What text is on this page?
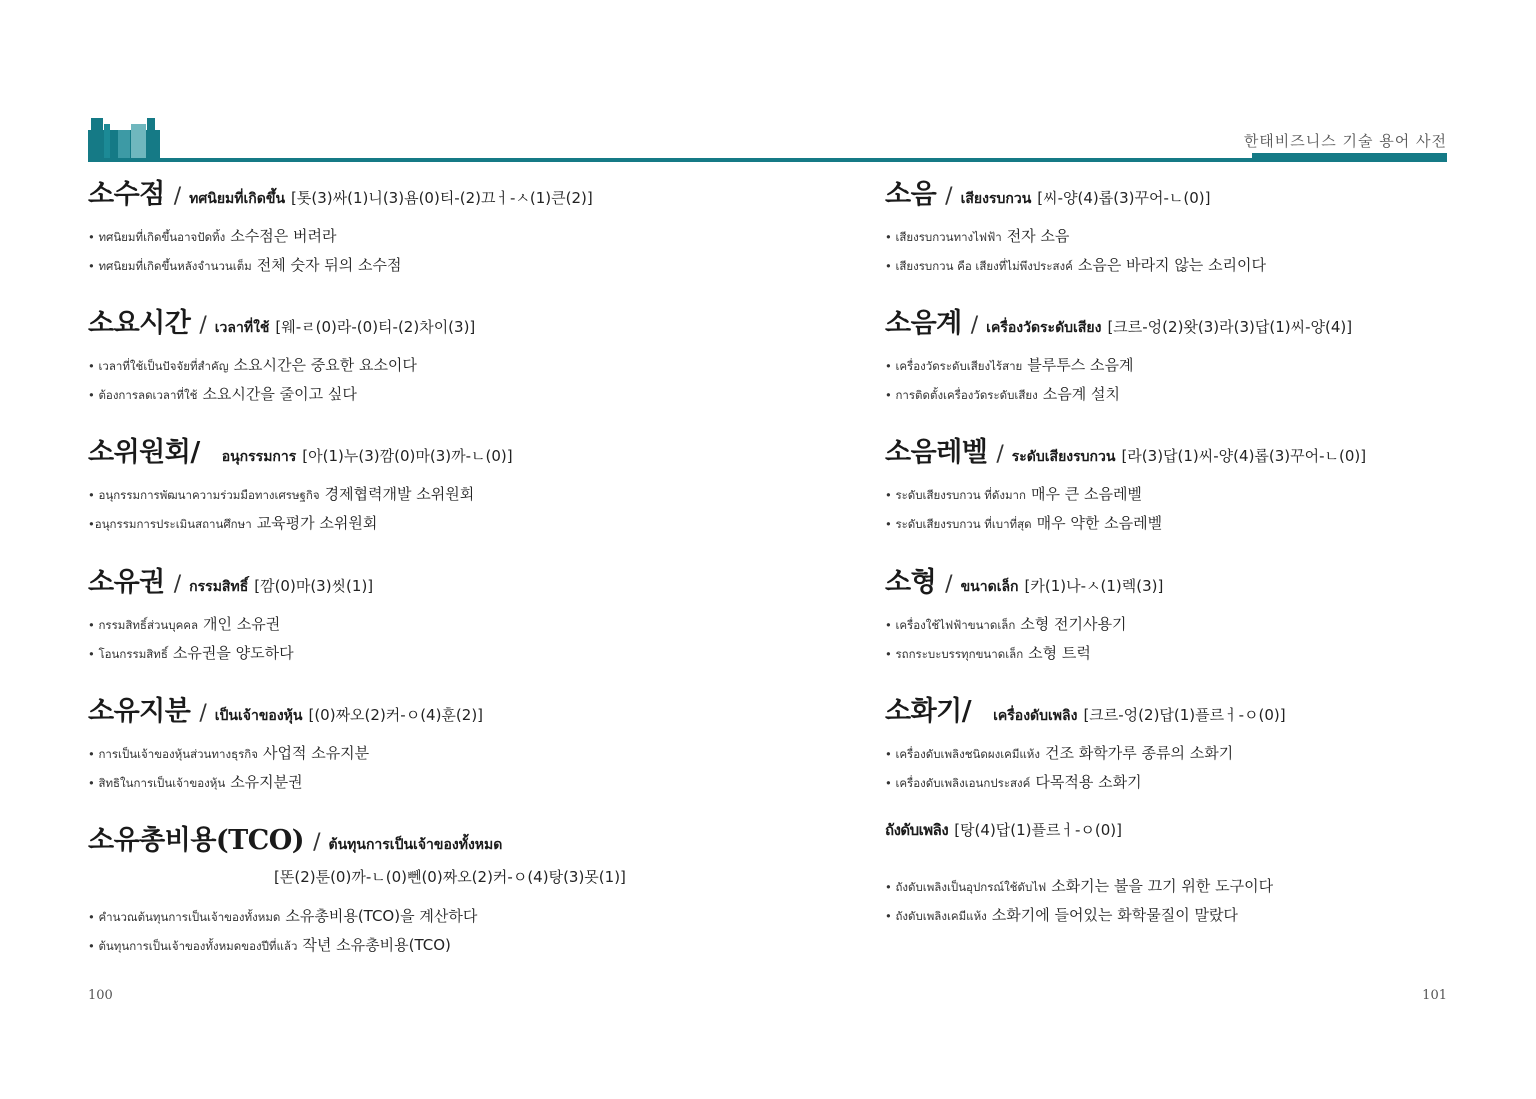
한태비즈니스 기술 용어 사전
소수점 / ทศนิยมที่เกิดขึ้น [톳(3)싸(1)니(3)욤(0)티-(2)끄ㅓ-ㅅ(1)큰(2)]
• ทศนิยมที่เกิดขึ้นอาจปัดทิ้ง 소수점은 버려라
• ทศนิยมที่เกิดขึ้นหลังจำนวนเต็ม 전체 숫자 뒤의 소수점
소요시간 / เวลาที่ใช้ [웨-ㄹ(0)라-(0)티-(2)차이(3)]
• เวลาที่ใช้เป็นปัจจัยที่สำคัญ 소요시간은 중요한 요소이다
• ต้องการลดเวลาที่ใช้ 소요시간을 줄이고 싶다
소위원회/ อนุกรรมการ [아(1)누(3)깜(0)마(3)까-ㄴ(0)]
• อนุกรรมการพัฒนาความร่วมมือทางเศรษฐกิจ 경제협력개발 소위원회
•อนุกรรมการประเมินสถานศึกษา 교육평가 소위원회
소유권 / กรรมสิทธิ์ [깜(0)마(3)씻(1)]
• กรรมสิทธิ์ส่วนบุคคล 개인 소유권
• โอนกรรมสิทธิ์ 소유권을 양도하다
소유지분 / เป็นเจ้าของหุ้น [(0)짜오(2)커-ㅇ(4)훈(2)]
• การเป็นเจ้าของหุ้นส่วนทางธุรกิจ 사업적 소유지분
• สิทธิในการเป็นเจ้าของหุ้น 소유지분권
소유총비용(TCO) / ต้นทุนการเป็นเจ้าของทั้งหมด
[똔(2)툰(0)까-ㄴ(0)뻰(0)짜오(2)커-ㅇ(4)탕(3)못(1)]
• คำนวณต้นทุนการเป็นเจ้าของทั้งหมด 소유총비용(TCO)을 계산하다
• ต้นทุนการเป็นเจ้าของทั้งหมดของปีที่แล้ว 작년 소유총비용(TCO)
소음 / เสียงรบกวน [씨-양(4)롭(3)꾸어-ㄴ(0)]
• เสียงรบกวนทางไฟฟ้า 전자 소음
• เสียงรบกวน คือ เสียงที่ไม่พึงประสงค์ 소음은 바라지 않는 소리이다
소음계 / เครื่องวัดระดับเสียง [크르-엉(2)왓(3)라(3)답(1)씨-양(4)]
• เครื่องวัดระดับเสียงไร้สาย 블루투스 소음계
• การติดตั้งเครื่องวัดระดับเสียง 소음계 설치
소음레벨 / ระดับเสียงรบกวน [라(3)답(1)씨-양(4)롭(3)꾸어-ㄴ(0)]
• ระดับเสียงรบกวน ที่ดังมาก 매우 큰 소음레벨
• ระดับเสียงรบกวน ที่เบาที่สุด 매우 약한 소음레벨
소형 / ขนาดเล็ก [카(1)나-ㅅ(1)렉(3)]
• เครื่องใช้ไฟฟ้าขนาดเล็ก 소형 전기사용기
• รถกระบะบรรทุกขนาดเล็ก 소형 트럭
소화기/ เครื่องดับเพลิง [크르-엉(2)답(1)플르ㅓ-ㅇ(0)]
• เครื่องดับเพลิงชนิดผงเคมีแห้ง 건조 화학가루 종류의 소화기
• เครื่องดับเพลิงเอนกประสงค์ 다목적용 소화기
ถังดับเพลิง [탕(4)답(1)플르ㅓ-ㅇ(0)]
• ถังดับเพลิงเป็นอุปกรณ์ใช้ดับไฟ 소화기는 불을 끄기 위한 도구이다
• ถังดับเพลิงเคมีแห้ง 소화기에 들어있는 화학물질이 말랐다
100	101
